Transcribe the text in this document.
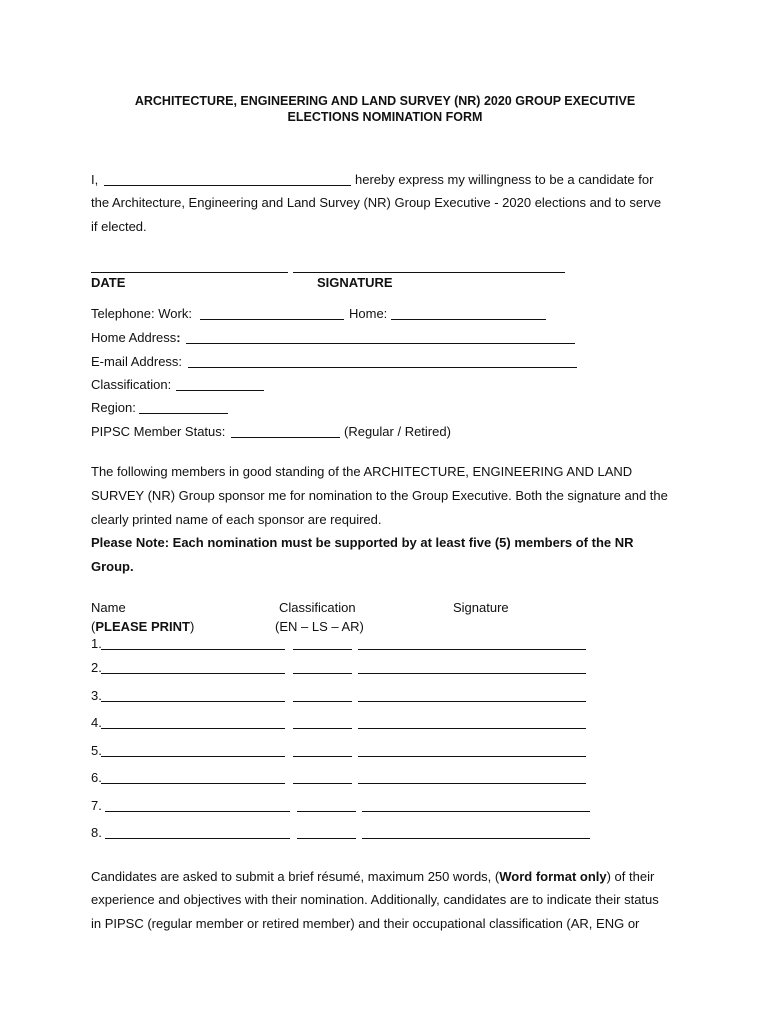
ARCHITECTURE, ENGINEERING AND LAND SURVEY (NR) 2020 GROUP EXECUTIVE
ELECTIONS NOMINATION FORM
I,	hereby express my willingness to be a candidate for
the Architecture, Engineering and Land Survey (NR) Group Executive - 2020 elections and to serve
if elected.
DATE	SIGNATURE
Telephone: Work:	Home:
Home Address:
E-mail Address:
Classification:
Region:
PIPSC Member Status:	(Regular / Retired)
The following members in good standing of the ARCHITECTURE, ENGINEERING AND LAND
SURVEY (NR) Group sponsor me for nomination to the Group Executive. Both the signature and the
clearly printed name of each sponsor are required.
Please Note: Each nomination must be supported by at least five (5) members of the NR
Group.
Name	Classification	Signature
(PLEASE PRINT)	(EN – LS – AR)
1.
2.
3.
4.
5.
6.
7.
8.
Candidates are asked to submit a brief résumé, maximum 250 words, (Word format only) of their
experience and objectives with their nomination. Additionally, candidates are to indicate their status
in PIPSC (regular member or retired member) and their occupational classification (AR, ENG or
